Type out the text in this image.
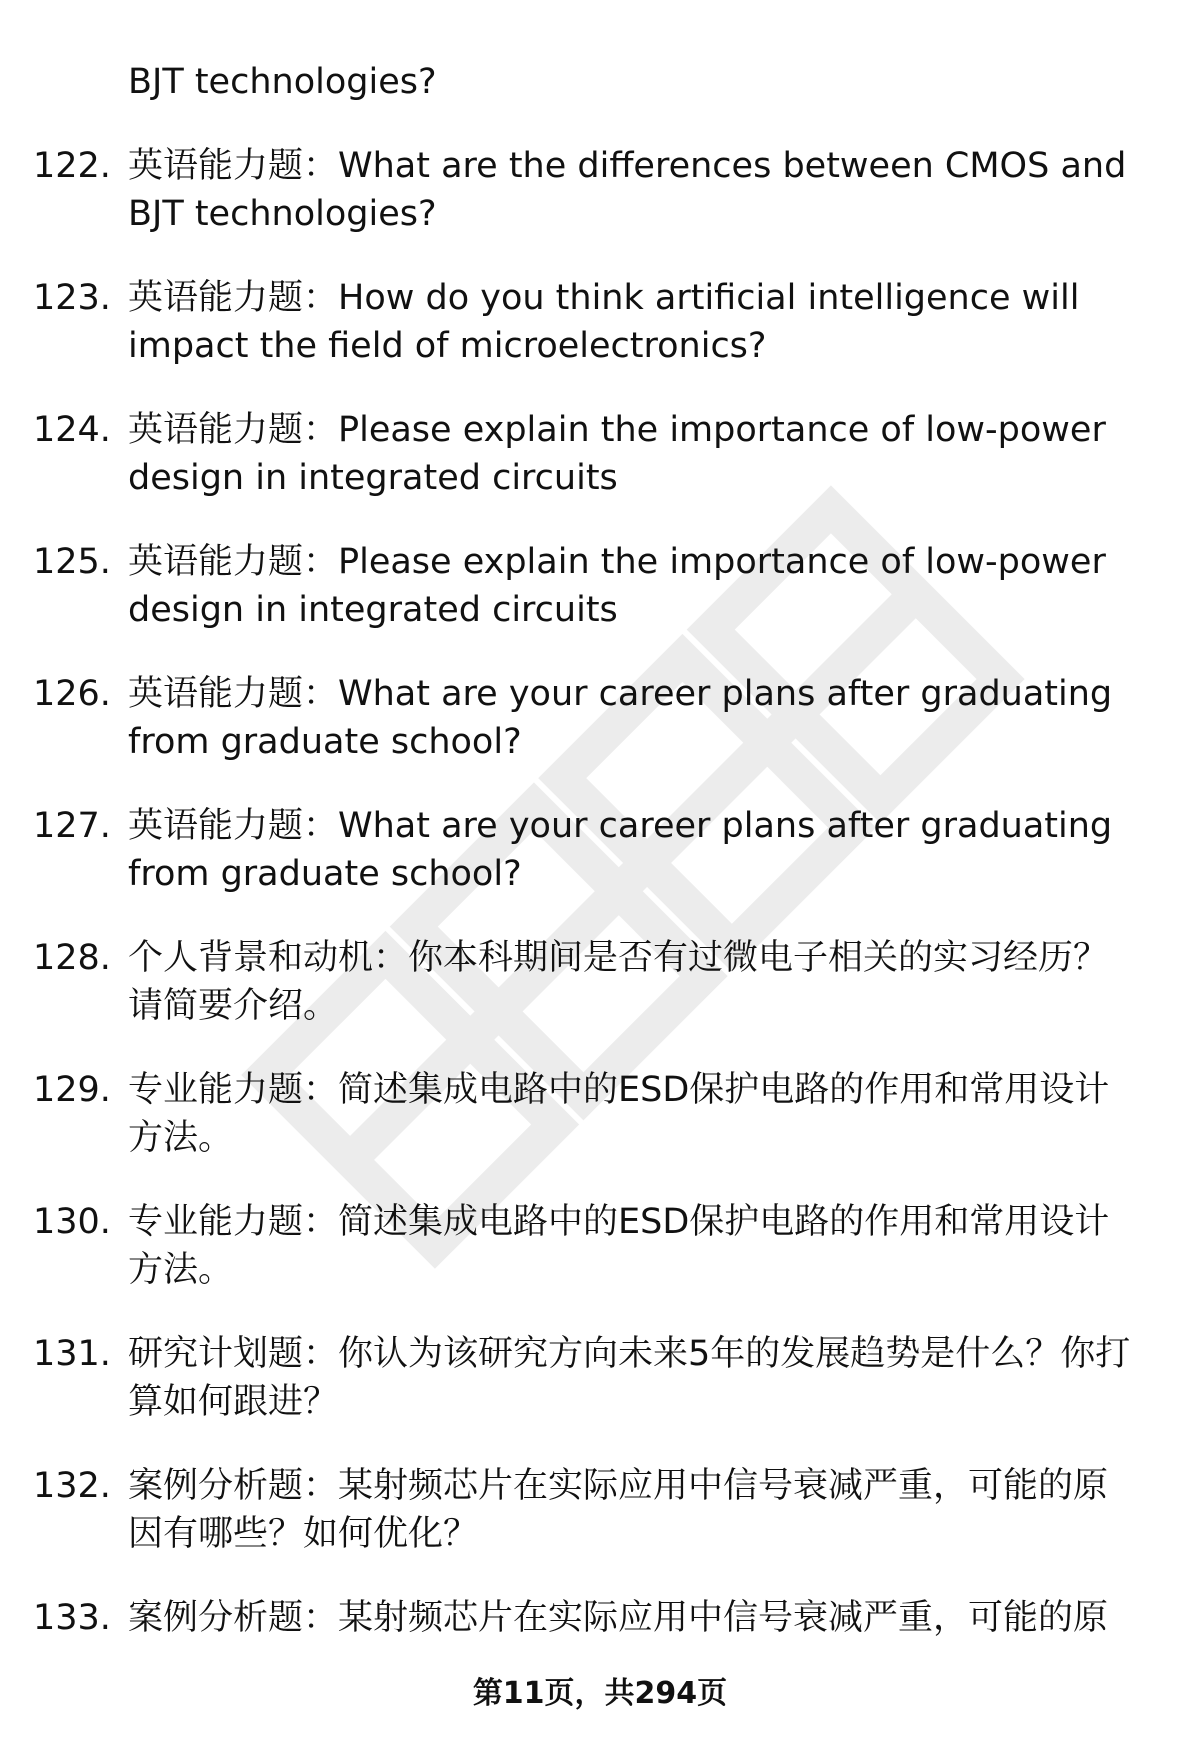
BJT technologies?
122. 英语能力题：What are the differences between CMOS and
BJT technologies?
123. 英语能力题：How do you think artificial intelligence will
impact the field of microelectronics?
124. 英语能力题：Please explain the importance of low-power
design in integrated circuits
125. 英语能力题：Please explain the importance of low-power
design in integrated circuits
126. 英语能力题：What are your career plans after graduating
from graduate school?
127. 英语能力题：What are your career plans after graduating
from graduate school?
128. 个人背景和动机：你本科期间是否有过微电子相关的实习经历？
请简要介绍。
129. 专业能力题：简述集成电路中的ESD保护电路的作用和常用设计
方法。
130. 专业能力题：简述集成电路中的ESD保护电路的作用和常用设计
方法。
131. 研究计划题：你认为该研究方向未来5年的发展趋势是什么？你打
算如何跟进？
132. 案例分析题：某射频芯片在实际应用中信号衰减严重，可能的原
因有哪些？如何优化？
133. 案例分析题：某射频芯片在实际应用中信号衰减严重，可能的原
第11页，共294页
